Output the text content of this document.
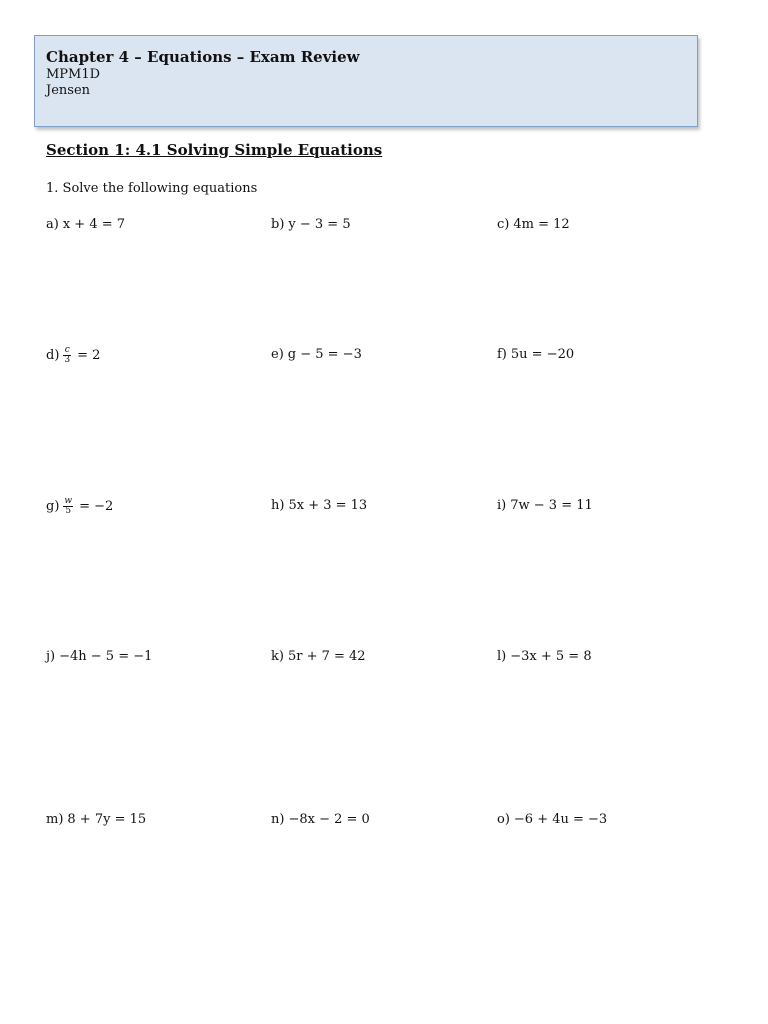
Chapter 4 – Equations – Exam Review

MPM1D

Jensen

Section 1: 4.1 Solving Simple Equations

1. Solve the following equations

a) x + 4 = 7	b) y − 3 = 5	c) 4m = 12
$d) \frac{c}{3} = 2$	e) g − 5 = −3	f) 5u = −20
$g) \frac{w}{5} = -2$	h) 5x + 3 = 13	i) 7w − 3 = 11
j) −4h − 5 = −1	k) 5r + 7 = 42	l) −3x + 5 = 8
m) 8 + 7y = 15	n) −8x − 2 = 0	o) −6 + 4u = −3
